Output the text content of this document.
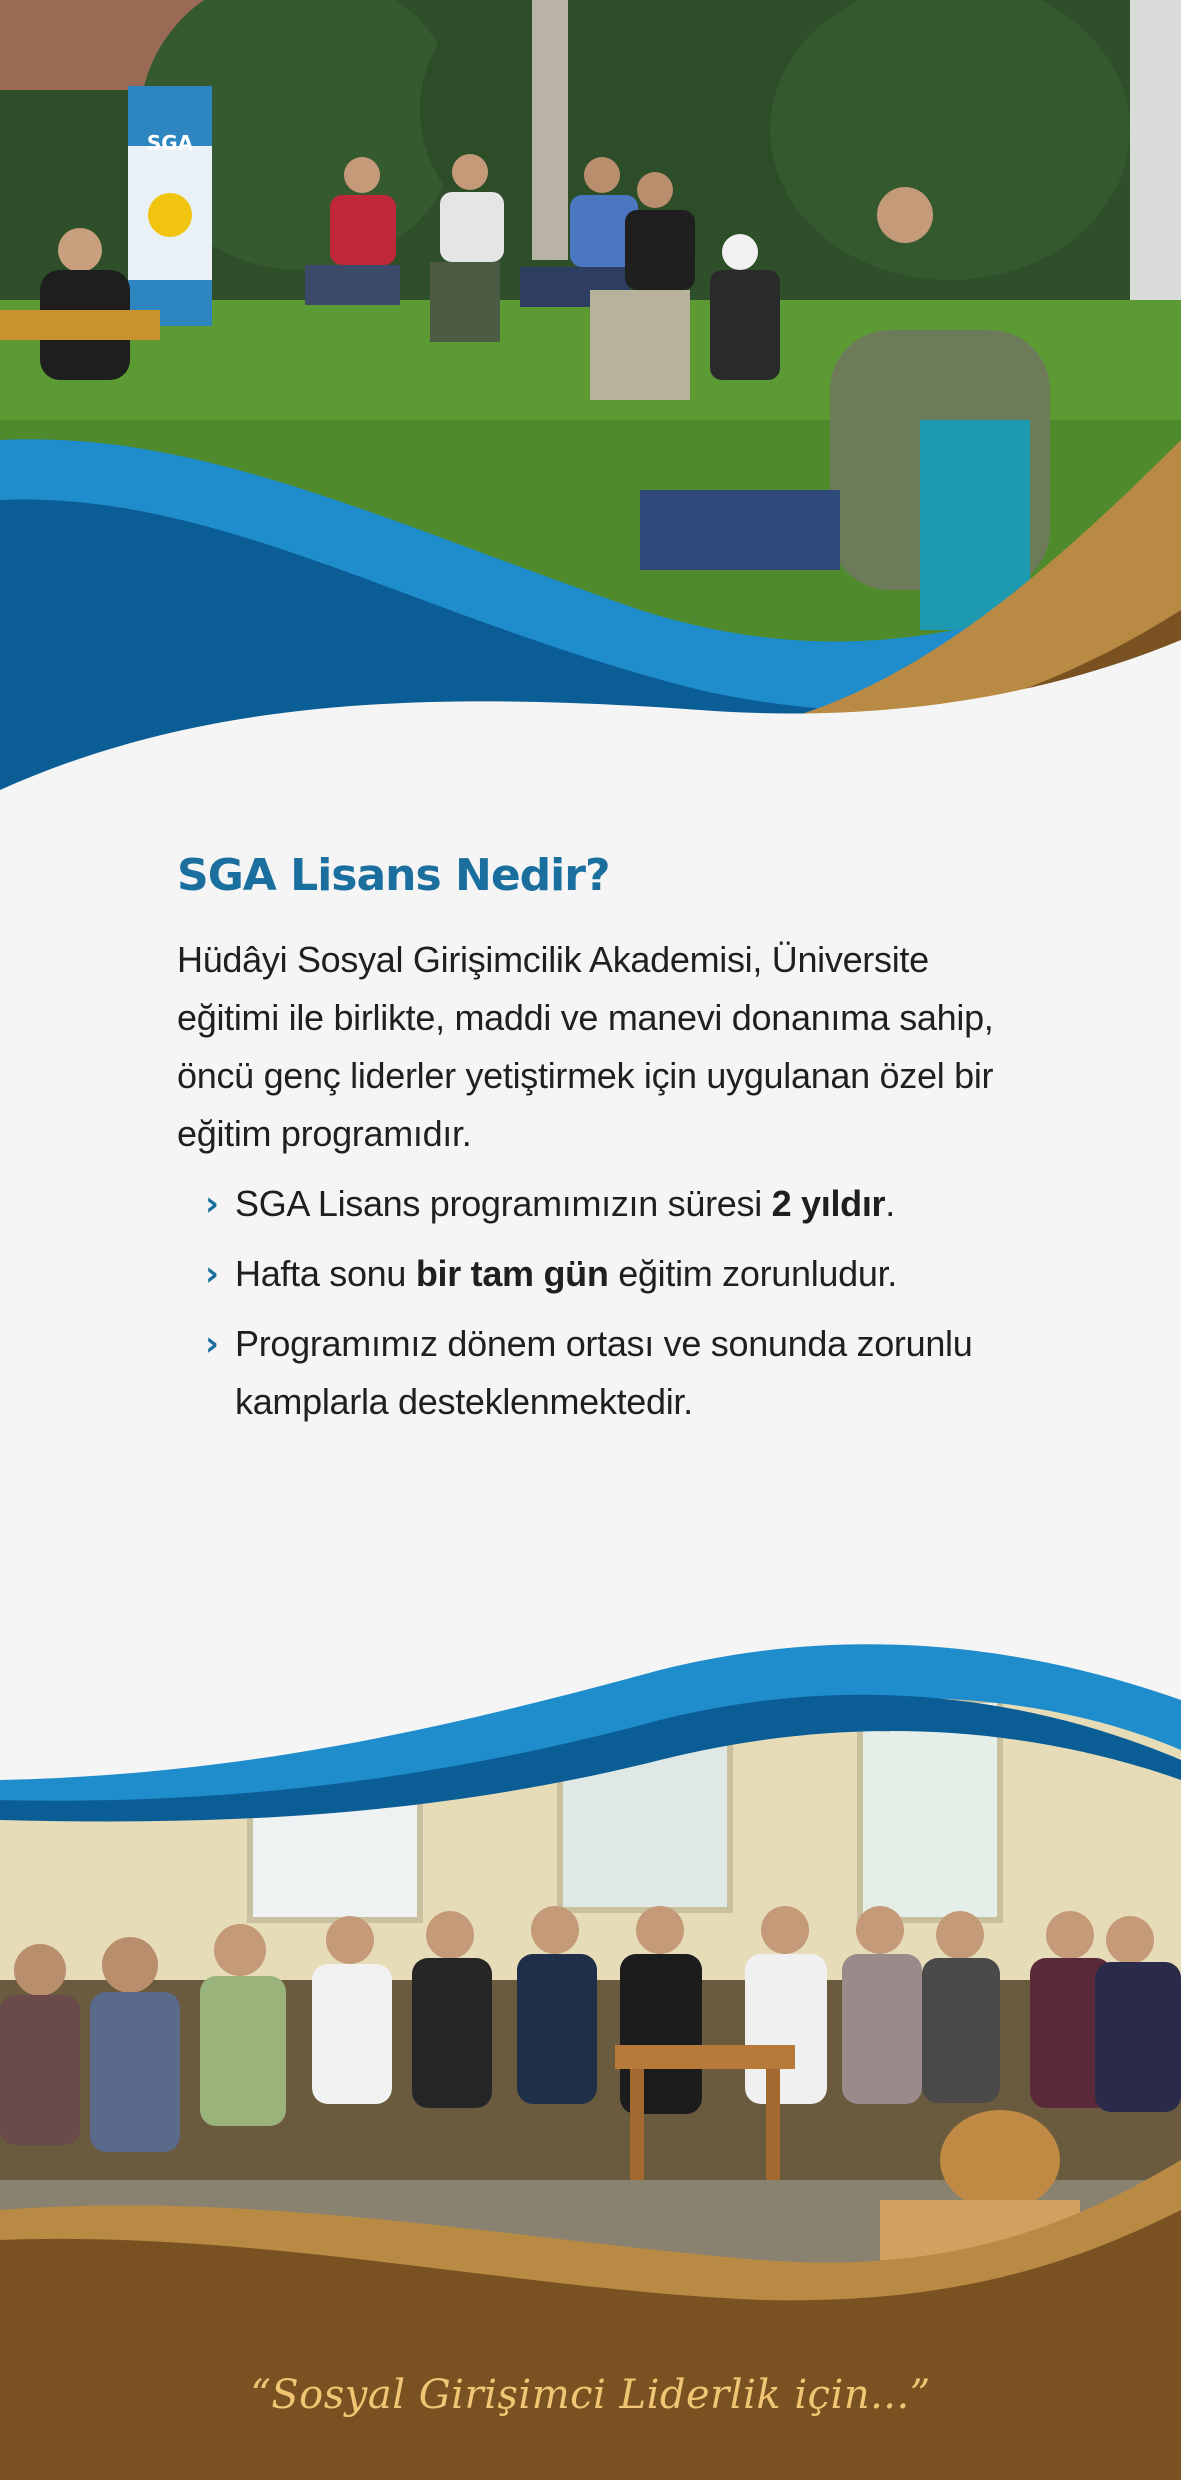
SGA
SGA Lisans Nedir?

Hüdâyi Sosyal Girişimcilik Akademisi, Üniversite eğitimi ile birlikte, maddi ve manevi donanıma sahip, öncü genç liderler yetiştirmek için uygulanan özel bir eğitim programıdır.

› SGA Lisans programımızın süresi 2 yıldır.
› Hafta sonu bir tam gün eğitim zorunludur.
› Programımız dönem ortası ve sonunda zorunlu kamplarla desteklenmektedir.
“Sosyal Girişimci Liderlik için...”
